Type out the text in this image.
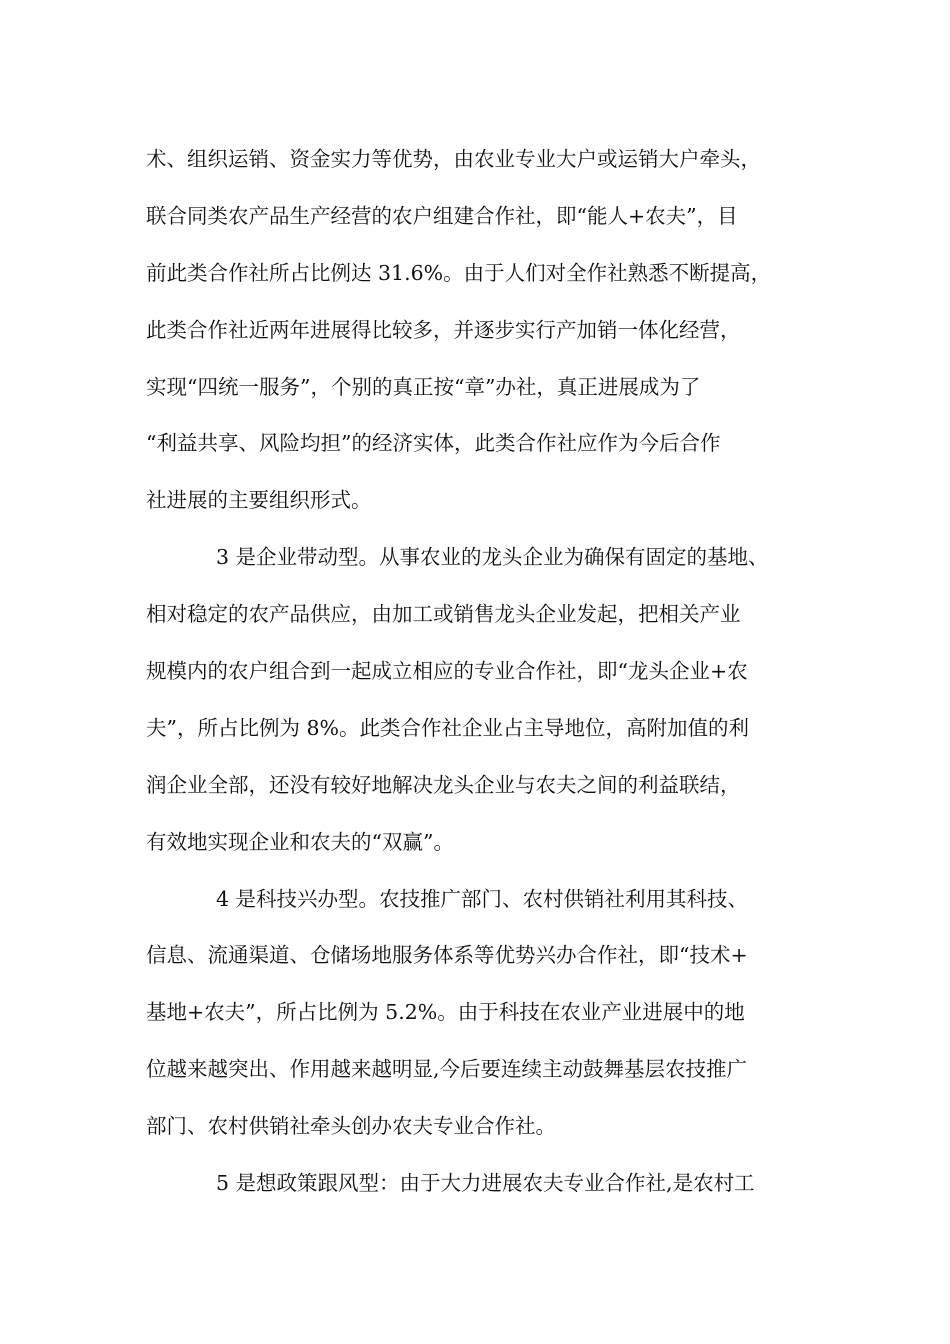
术、组织运销、资金实力等优势，由农业专业大户或运销大户牵头，
联合同类农产品生产经营的农户组建合作社，即“能人+农夫”，目
前此类合作社所占比例达 31.6%。由于人们对全作社熟悉不断提高，
此类合作社近两年进展得比较多，并逐步实行产加销一体化经营，
实现“四统一服务”，个别的真正按“章”办社，真正进展成为了
“利益共享、风险均担”的经济实体，此类合作社应作为今后合作
社进展的主要组织形式。
3 是企业带动型。从事农业的龙头企业为确保有固定的基地、
相对稳定的农产品供应，由加工或销售龙头企业发起，把相关产业
规模内的农户组合到一起成立相应的专业合作社，即“龙头企业+农
夫”，所占比例为 8%。此类合作社企业占主导地位，高附加值的利
润企业全部，还没有较好地解决龙头企业与农夫之间的利益联结，
有效地实现企业和农夫的“双赢”。
4 是科技兴办型。农技推广部门、农村供销社利用其科技、
信息、流通渠道、仓储场地服务体系等优势兴办合作社，即“技术+
基地+农夫”，所占比例为 5.2%。由于科技在农业产业进展中的地
位越来越突出、作用越来越明显,今后要连续主动鼓舞基层农技推广
部门、农村供销社牵头创办农夫专业合作社。
5 是想政策跟风型：由于大力进展农夫专业合作社,是农村工
